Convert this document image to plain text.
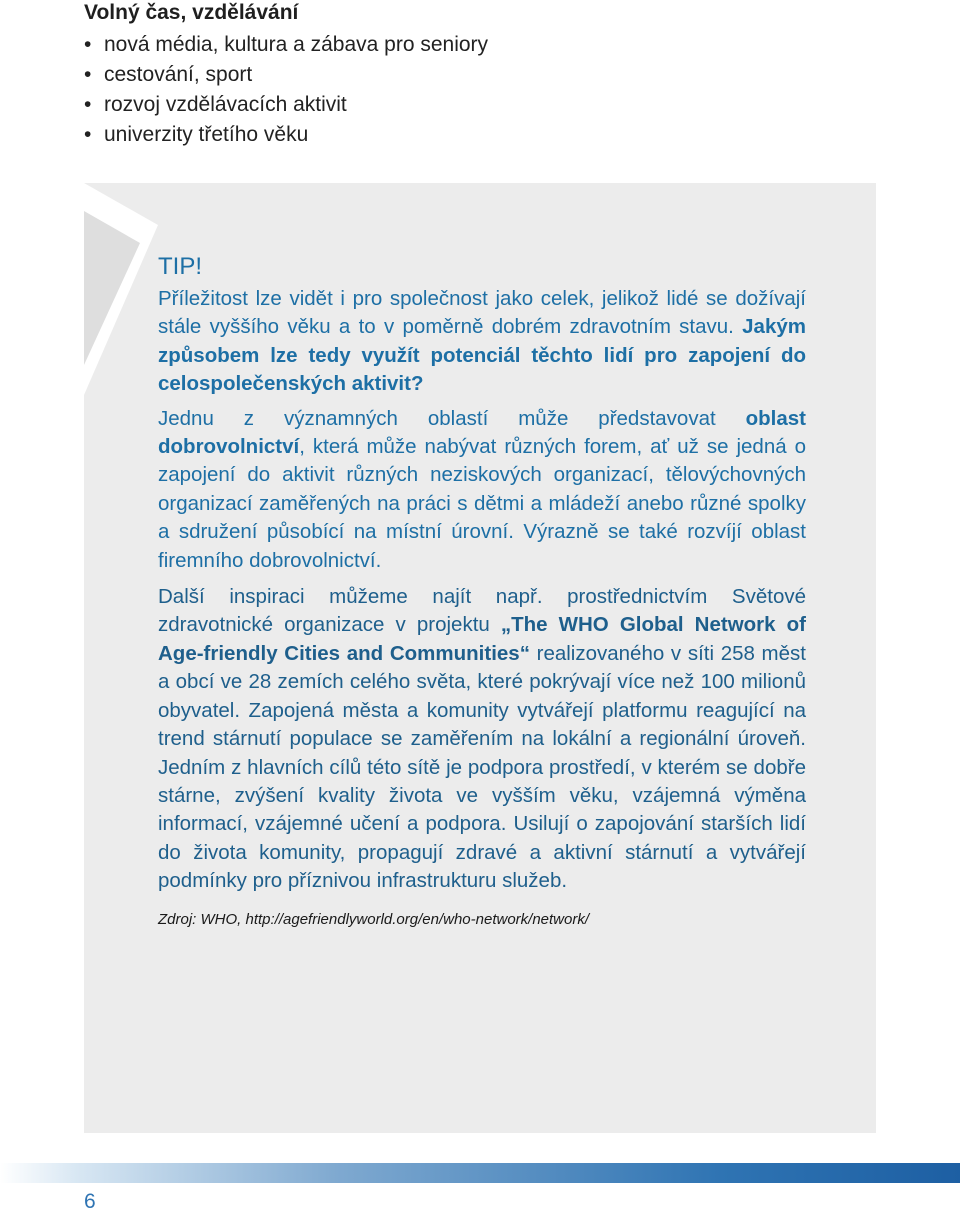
Volný čas, vzdělávání
• nová média, kultura a zábava pro seniory
• cestování, sport
• rozvoj vzdělávacích aktivit
• univerzity třetího věku
TIP!

Příležitost lze vidět i pro společnost jako celek, jelikož lidé se dožívají stále vyššího věku a to v poměrně dobrém zdravotním stavu. Jakým způsobem lze tedy využít potenciál těchto lidí pro zapojení do celospolečenských aktivit?

Jednu z významných oblastí může představovat oblast dobrovolnictví, která může nabývat různých forem, ať už se jedná o zapojení do aktivit různých neziskových organizací, tělovýchovných organizací zaměřených na práci s dětmi a mládeží anebo různé spolky a sdružení působící na místní úrovní. Výrazně se také rozvíjí oblast firemního dobrovolnictví.

Další inspiraci můžeme najít např. prostřednictvím Světové zdravotnické organizace v projektu „The WHO Global Network of Age-friendly Cities and Communities“ realizovaného v síti 258 měst a obcí ve 28 zemích celého světa, které pokrývají více než 100 milionů obyvatel. Zapojená města a komunity vytvářejí platformu reagující na trend stárnutí populace se zaměřením na lokální a regionální úroveň. Jedním z hlavních cílů této sítě je podpora prostředí, v kterém se dobře stárne, zvýšení kvality života ve vyšším věku, vzájemná výměna informací, vzájemné učení a podpora. Usilují o zapojování starších lidí do života komunity, propagují zdravé a aktivní stárnutí a vytvářejí podmínky pro příznivou infrastrukturu služeb.

Zdroj: WHO, http://agefriendlyworld.org/en/who-network/network/

6
